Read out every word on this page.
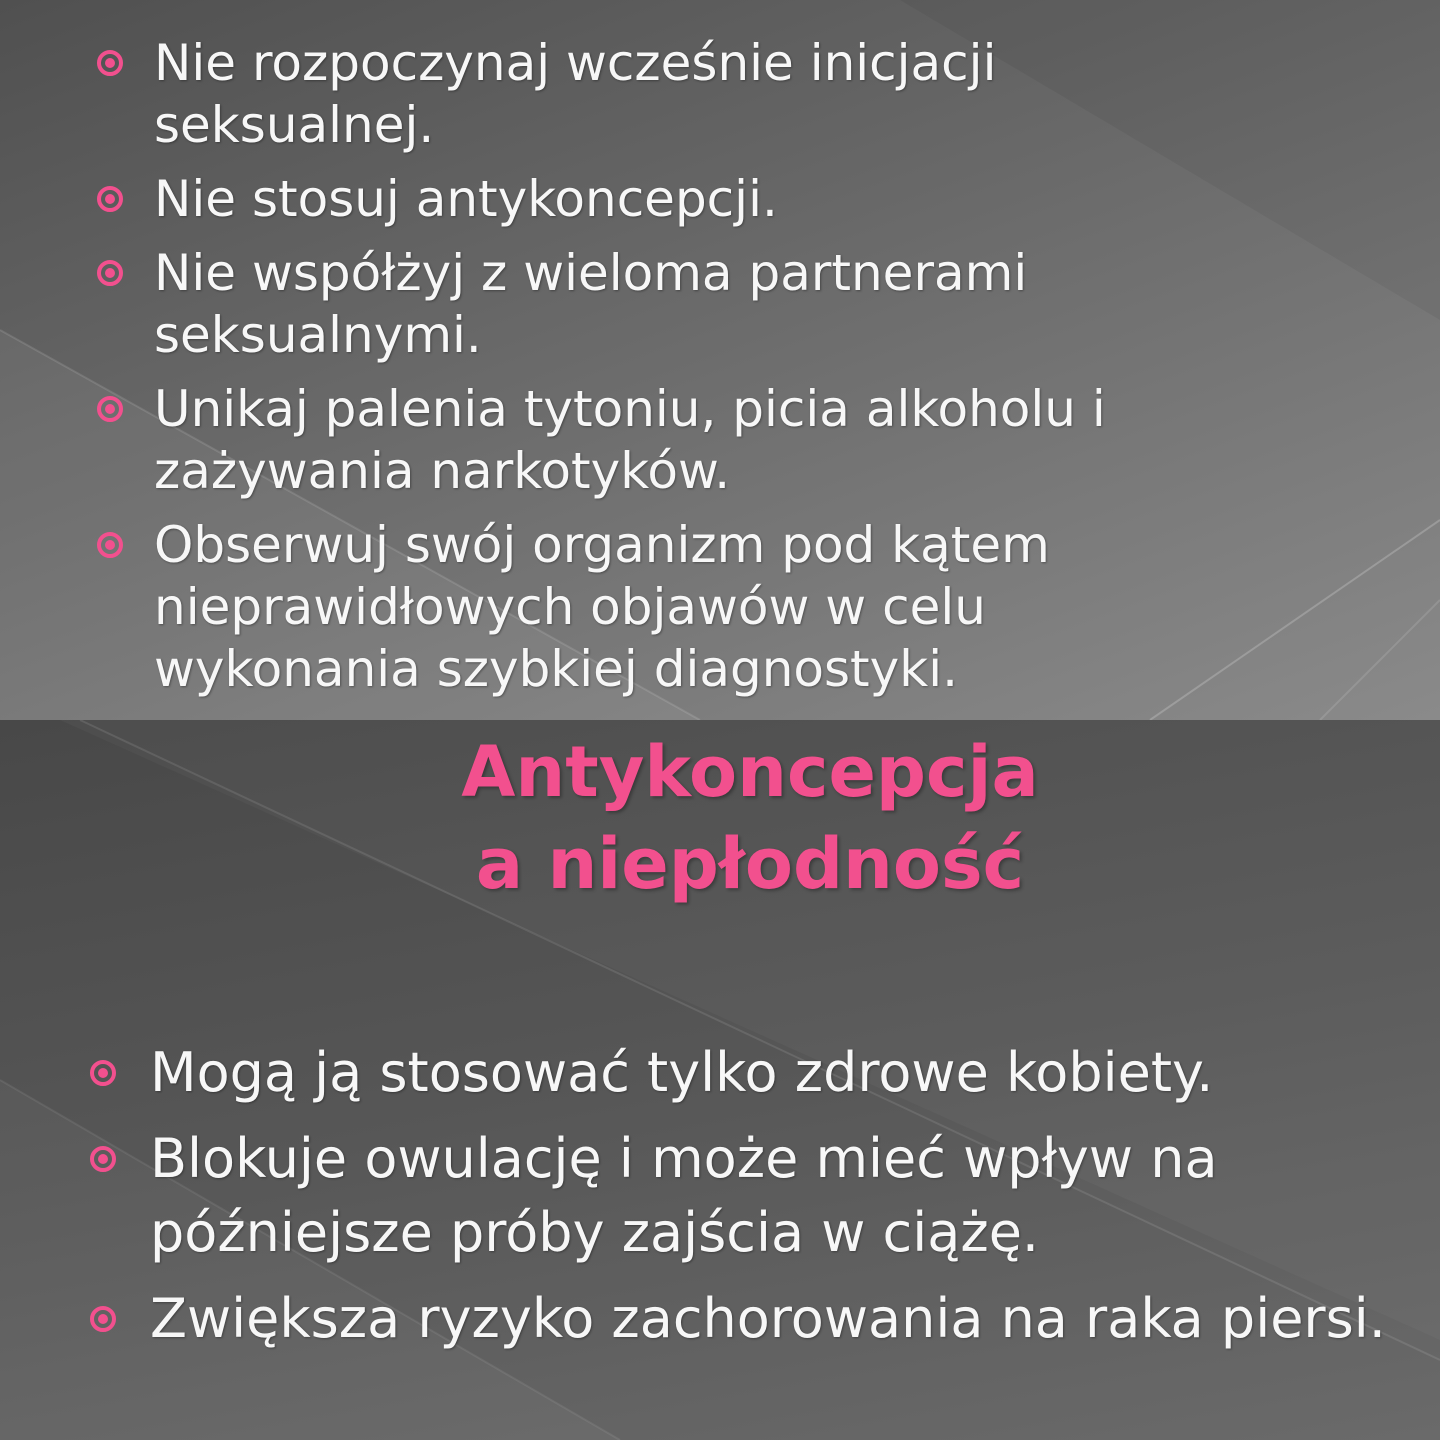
Nie rozpoczynaj wcześnie inicjacji seksualnej.
Nie stosuj antykoncepcji.
Nie współżyj z wieloma partnerami seksualnymi.
Unikaj palenia tytoniu, picia alkoholu i zażywania narkotyków.
Obserwuj swój organizm pod kątem nieprawidłowych objawów w celu wykonania szybkiej diagnostyki.
Antykoncepcja
a niepłodność
Mogą ją stosować tylko zdrowe kobiety.
Blokuje owulację i może mieć wpływ na późniejsze próby zajścia w ciążę.
Zwiększa ryzyko zachorowania na raka piersi.
